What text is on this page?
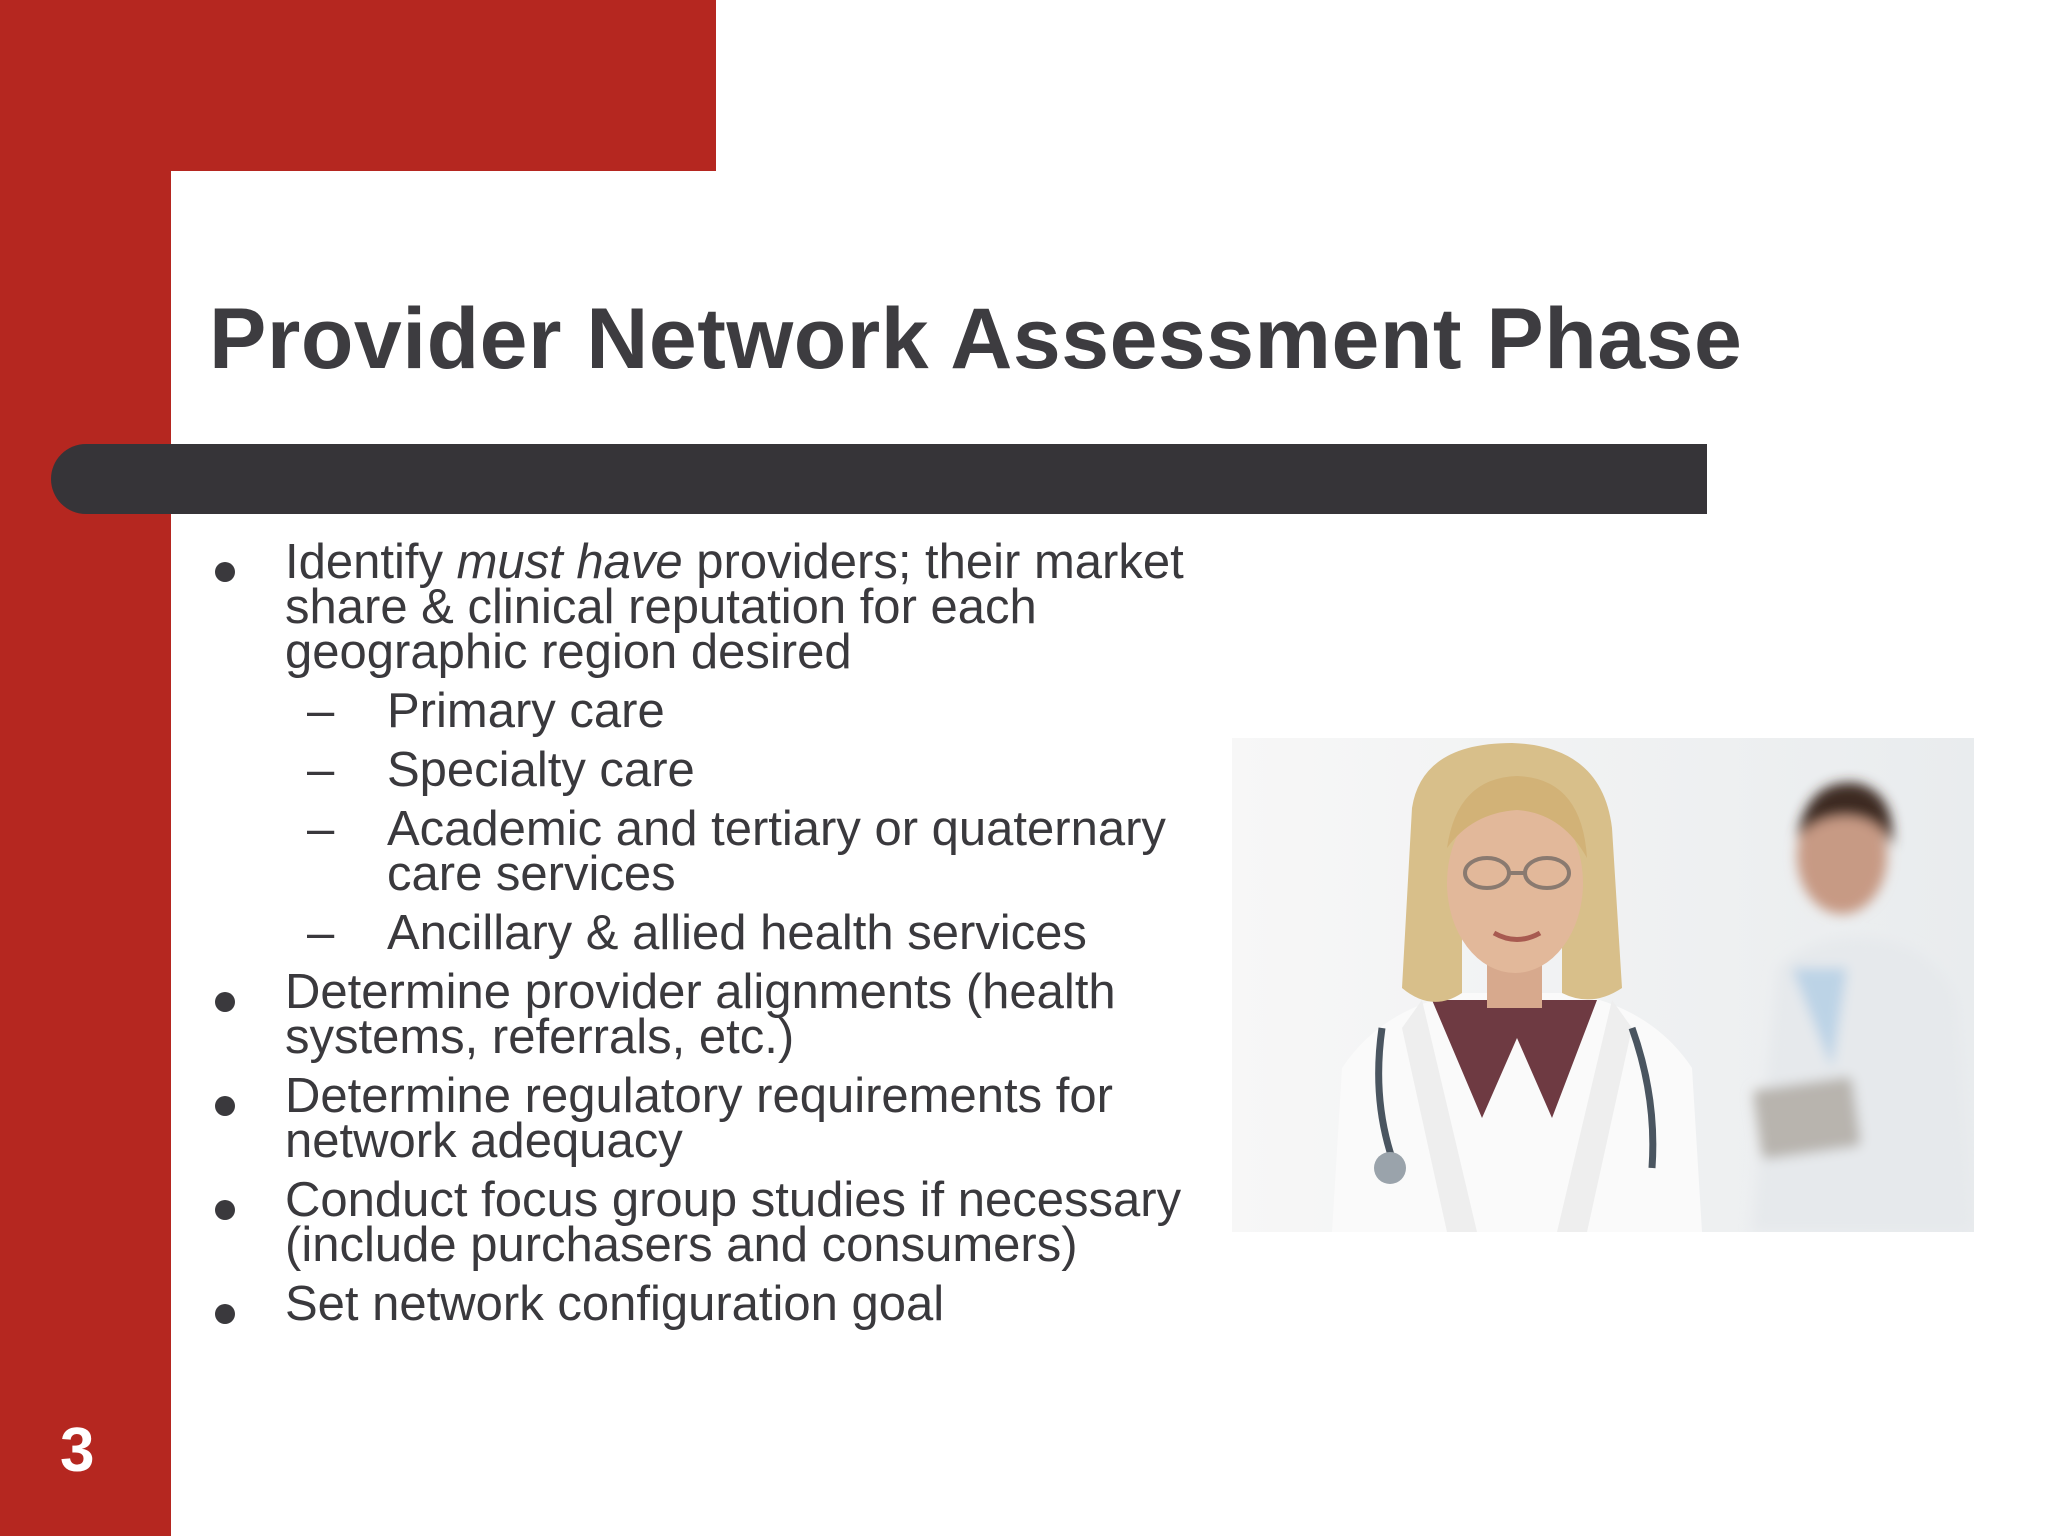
Provider Network Assessment Phase
Identify must have providers; their market share & clinical reputation for each geographic region desired
–	Primary care
–	Specialty care
–	Academic and tertiary or quaternary care services
–	Ancillary & allied health services
Determine provider alignments (health systems, referrals, etc.)
Determine regulatory requirements for network adequacy
Conduct focus group studies if necessary (include purchasers and consumers)
Set network configuration goal
3
